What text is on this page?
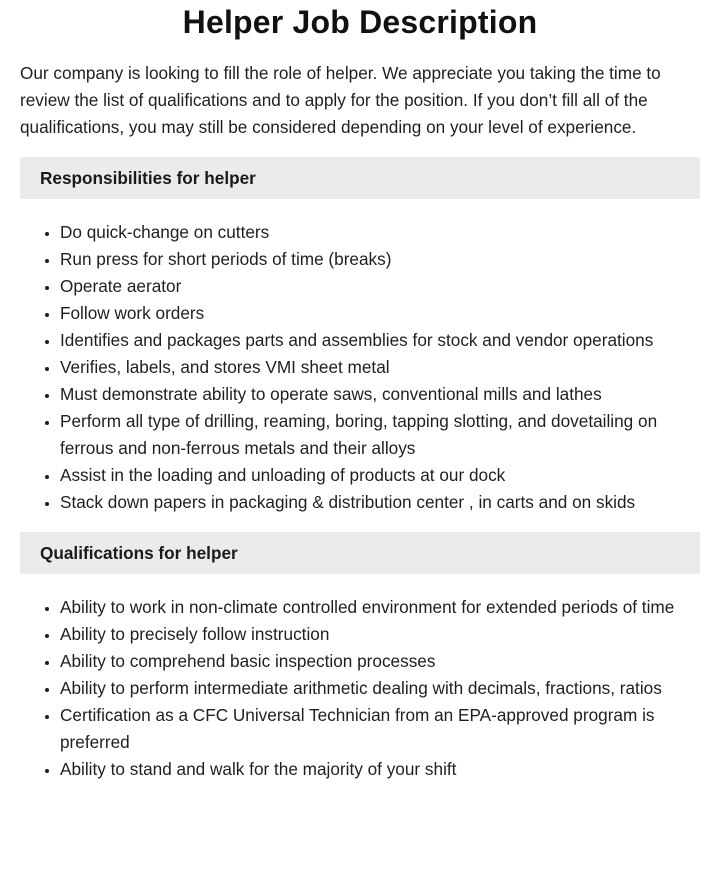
Helper Job Description

Our company is looking to fill the role of helper. We appreciate you taking the time to review the list of qualifications and to apply for the position. If you don’t fill all of the qualifications, you may still be considered depending on your level of experience.

Responsibilities for helper
• Do quick-change on cutters
• Run press for short periods of time (breaks)
• Operate aerator
• Follow work orders
• Identifies and packages parts and assemblies for stock and vendor operations
• Verifies, labels, and stores VMI sheet metal
• Must demonstrate ability to operate saws, conventional mills and lathes
• Perform all type of drilling, reaming, boring, tapping slotting, and dovetailing on ferrous and non-ferrous metals and their alloys
• Assist in the loading and unloading of products at our dock
• Stack down papers in packaging & distribution center , in carts and on skids
Qualifications for helper
• Ability to work in non-climate controlled environment for extended periods of time
• Ability to precisely follow instruction
• Ability to comprehend basic inspection processes
• Ability to perform intermediate arithmetic dealing with decimals, fractions, ratios
• Certification as a CFC Universal Technician from an EPA-approved program is preferred
• Ability to stand and walk for the majority of your shift
